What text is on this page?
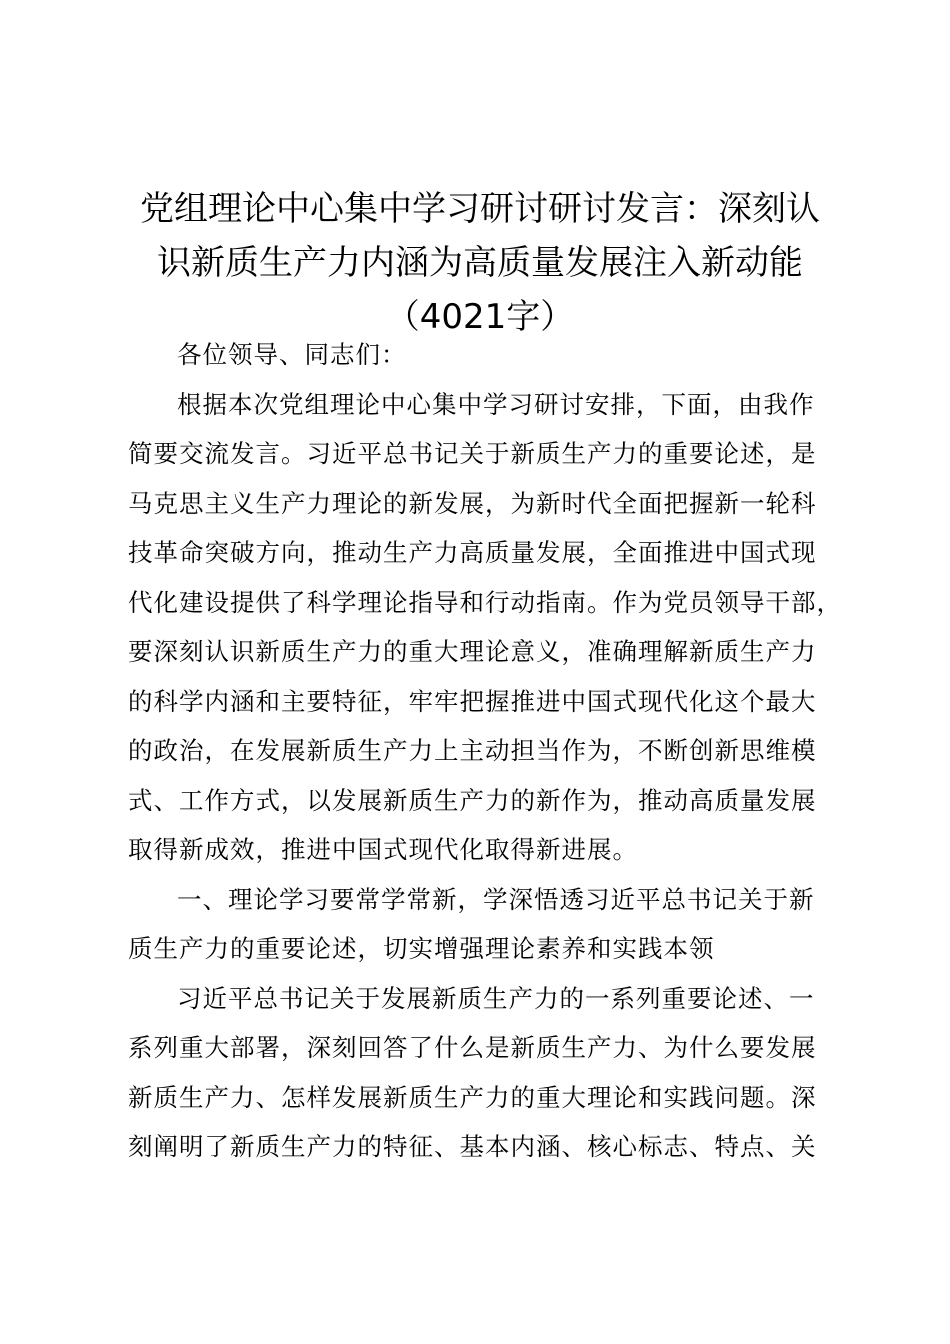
党组理论中心集中学习研讨研讨发言：深刻认
识新质生产力内涵为高质量发展注入新动能
（4021字）
各位领导、同志们：
根据本次党组理论中心集中学习研讨安排，下面，由我作
简要交流发言。习近平总书记关于新质生产力的重要论述，是
马克思主义生产力理论的新发展，为新时代全面把握新一轮科
技革命突破方向，推动生产力高质量发展，全面推进中国式现
代化建设提供了科学理论指导和行动指南。作为党员领导干部，
要深刻认识新质生产力的重大理论意义，准确理解新质生产力
的科学内涵和主要特征，牢牢把握推进中国式现代化这个最大
的政治，在发展新质生产力上主动担当作为，不断创新思维模
式、工作方式，以发展新质生产力的新作为，推动高质量发展
取得新成效，推进中国式现代化取得新进展。
一、理论学习要常学常新，学深悟透习近平总书记关于新
质生产力的重要论述，切实增强理论素养和实践本领
习近平总书记关于发展新质生产力的一系列重要论述、一
系列重大部署，深刻回答了什么是新质生产力、为什么要发展
新质生产力、怎样发展新质生产力的重大理论和实践问题。深
刻阐明了新质生产力的特征、基本内涵、核心标志、特点、关
